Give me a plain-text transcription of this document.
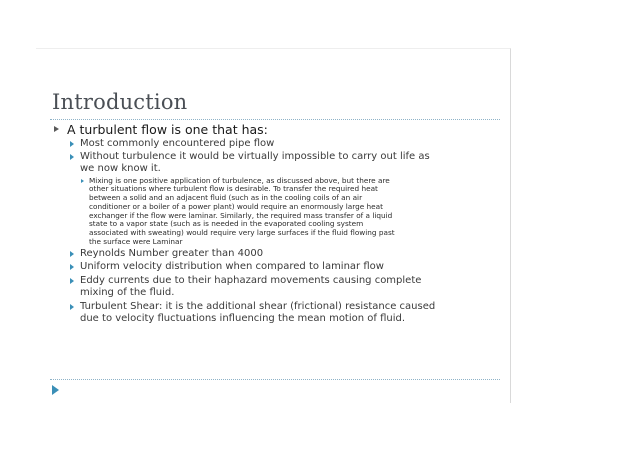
Introduction
A turbulent flow is one that has:
Most commonly encountered pipe flow
Without turbulence it would be virtually impossible to carry out life as
we now know it.
Mixing is one positive application of turbulence, as discussed above, but there are
other situations where turbulent flow is desirable. To transfer the required heat
between a solid and an adjacent fluid (such as in the cooling coils of an air
conditioner or a boiler of a power plant) would require an enormously large heat
exchanger if the flow were laminar. Similarly, the required mass transfer of a liquid
state to a vapor state (such as is needed in the evaporated cooling system
associated with sweating) would require very large surfaces if the fluid flowing past
the surface were Laminar
Reynolds Number greater than 4000
Uniform velocity distribution when compared to laminar flow
Eddy currents due to their haphazard movements causing complete
mixing of the fluid.
Turbulent Shear: it is the additional shear (frictional) resistance caused
due to velocity fluctuations influencing the mean motion of fluid.
